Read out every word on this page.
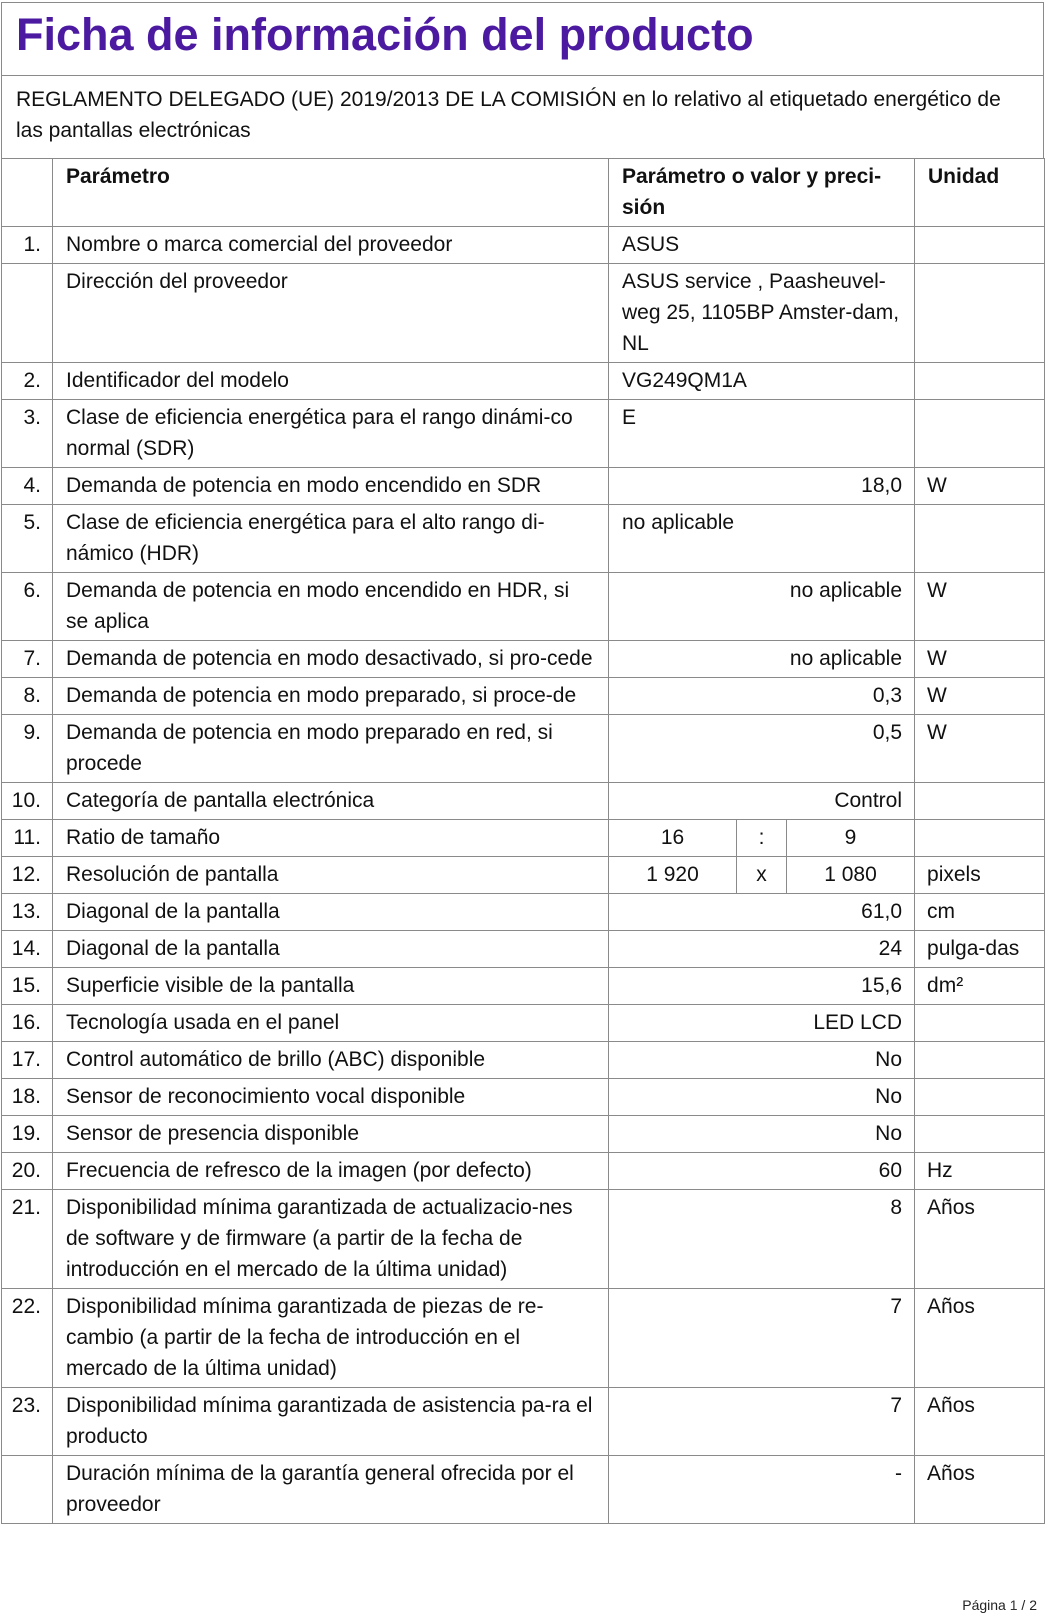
Ficha de información del producto
REGLAMENTO DELEGADO (UE) 2019/2013 DE LA COMISIÓN en lo relativo al etiquetado energético de las pantallas electrónicas
	Parámetro	Parámetro o valor y preci-sión			Unidad
1.	Nombre o marca comercial del proveedor	ASUS			
	Dirección del proveedor	ASUS service , Paasheuvel-weg 25, 1105BP Amster-dam, NL			
2.	Identificador del modelo	VG249QM1A			
3.	Clase de eficiencia energética para el rango dinámi-co normal (SDR)	E			
4.	Demanda de potencia en modo encendido en SDR	18,0			W
5.	Clase de eficiencia energética para el alto rango di-námico (HDR)	no aplicable			
6.	Demanda de potencia en modo encendido en HDR, si se aplica	no aplicable			W
7.	Demanda de potencia en modo desactivado, si pro-cede	no aplicable			W
8.	Demanda de potencia en modo preparado, si proce-de	0,3			W
9.	Demanda de potencia en modo preparado en red, si procede	0,5			W
10.	Categoría de pantalla electrónica	Control			
11.	Ratio de tamaño	16	:	9	
12.	Resolución de pantalla	1 920	x	1 080	pixels
13.	Diagonal de la pantalla	61,0			cm
14.	Diagonal de la pantalla	24			pulga-das
15.	Superficie visible de la pantalla	15,6			dm²
16.	Tecnología usada en el panel	LED LCD			
17.	Control automático de brillo (ABC) disponible	No			
18.	Sensor de reconocimiento vocal disponible	No			
19.	Sensor de presencia disponible	No			
20.	Frecuencia de refresco de la imagen (por defecto)	60			Hz
21.	Disponibilidad mínima garantizada de actualizacio-nes de software y de firmware (a partir de la fecha de introducción en el mercado de la última unidad)	8			Años
22.	Disponibilidad mínima garantizada de piezas de re-cambio (a partir de la fecha de introducción en el mercado de la última unidad)	7			Años
23.	Disponibilidad mínima garantizada de asistencia pa-ra el producto	7			Años
	Duración mínima de la garantía general ofrecida por el proveedor	-			Años
Página 1 / 2
